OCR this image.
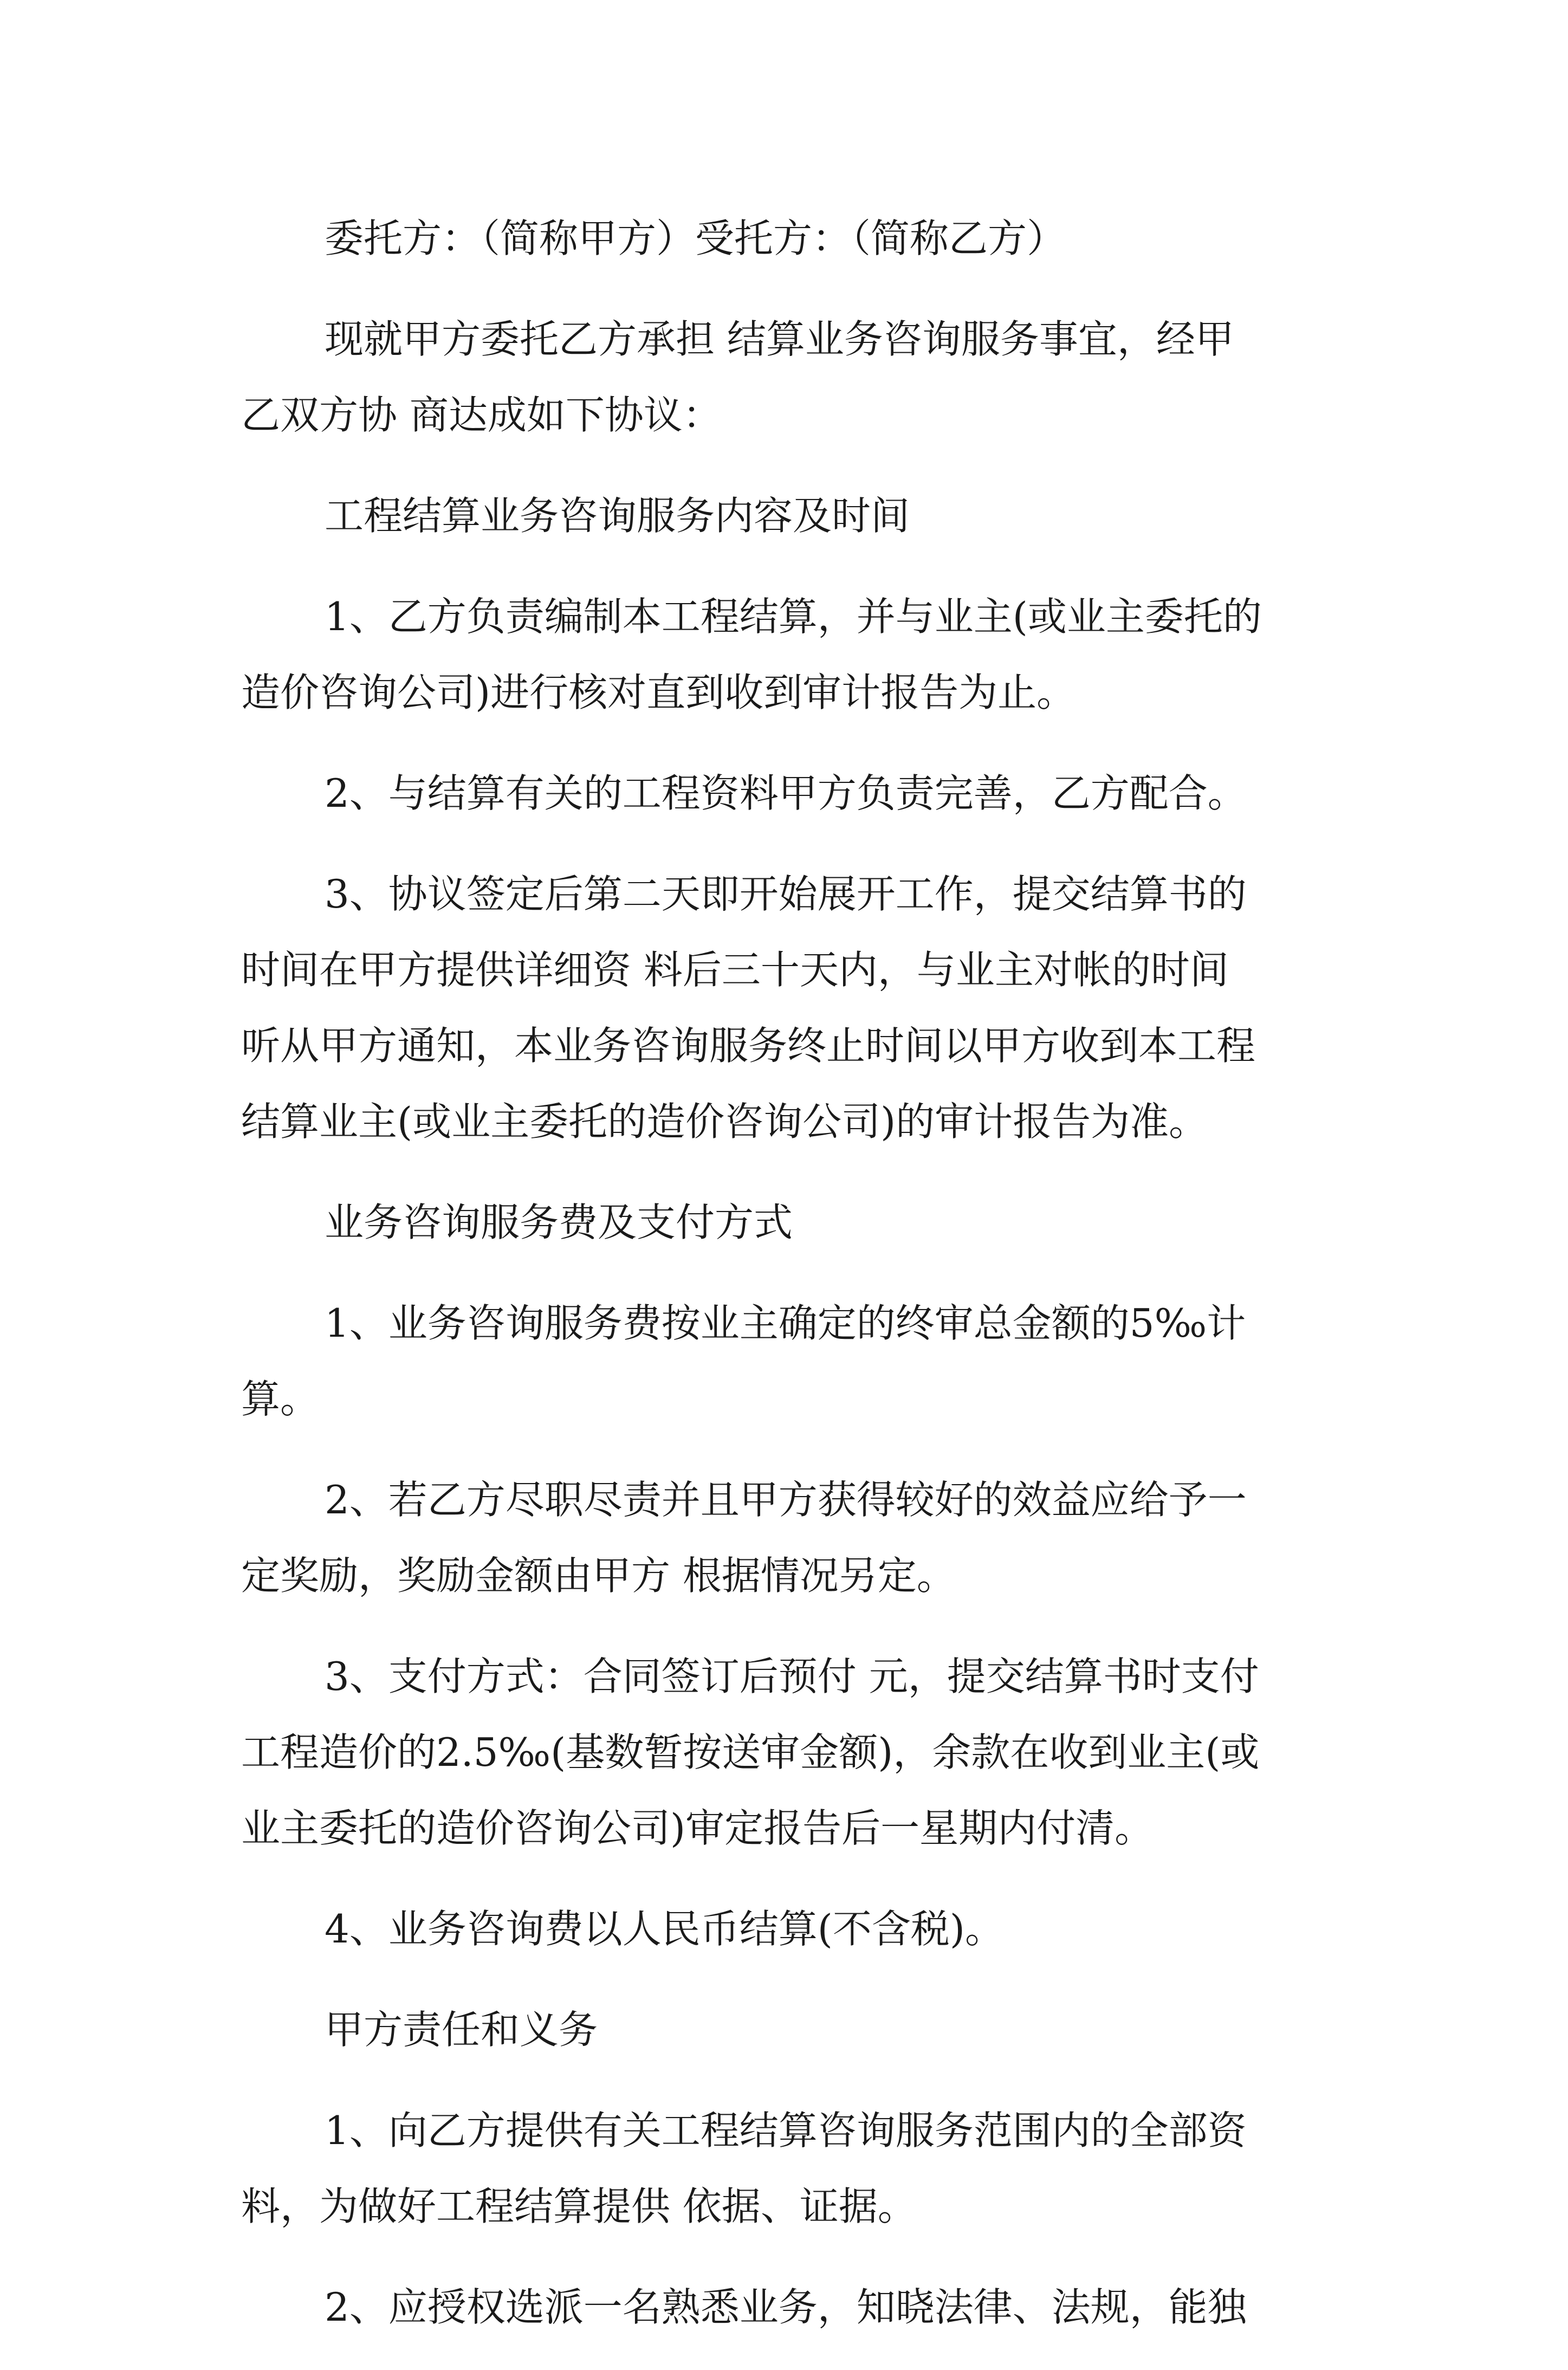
委托方：（简称甲方）受托方：（简称乙方）

现就甲方委托乙方承担 结算业务咨询服务事宜，经甲
乙双方协 商达成如下协议：

工程结算业务咨询服务内容及时间

1、乙方负责编制本工程结算，并与业主(或业主委托的
造价咨询公司)进行核对直到收到审计报告为止。

2、与结算有关的工程资料甲方负责完善，乙方配合。

3、协议签定后第二天即开始展开工作，提交结算书的
时间在甲方提供详细资 料后三十天内，与业主对帐的时间
听从甲方通知，本业务咨询服务终止时间以甲方收到本工程
结算业主(或业主委托的造价咨询公司)的审计报告为准。

业务咨询服务费及支付方式

1、业务咨询服务费按业主确定的终审总金额的5‰计
算。

2、若乙方尽职尽责并且甲方获得较好的效益应给予一
定奖励，奖励金额由甲方 根据情况另定。

3、支付方式：合同签订后预付 元，提交结算书时支付
工程造价的2.5‰(基数暂按送审金额)，余款在收到业主(或
业主委托的造价咨询公司)审定报告后一星期内付清。

4、业务咨询费以人民币结算(不含税)。

甲方责任和义务

1、向乙方提供有关工程结算咨询服务范围内的全部资
料，为做好工程结算提供 依据、证据。

2、应授权选派一名熟悉业务，知晓法律、法规，能独
